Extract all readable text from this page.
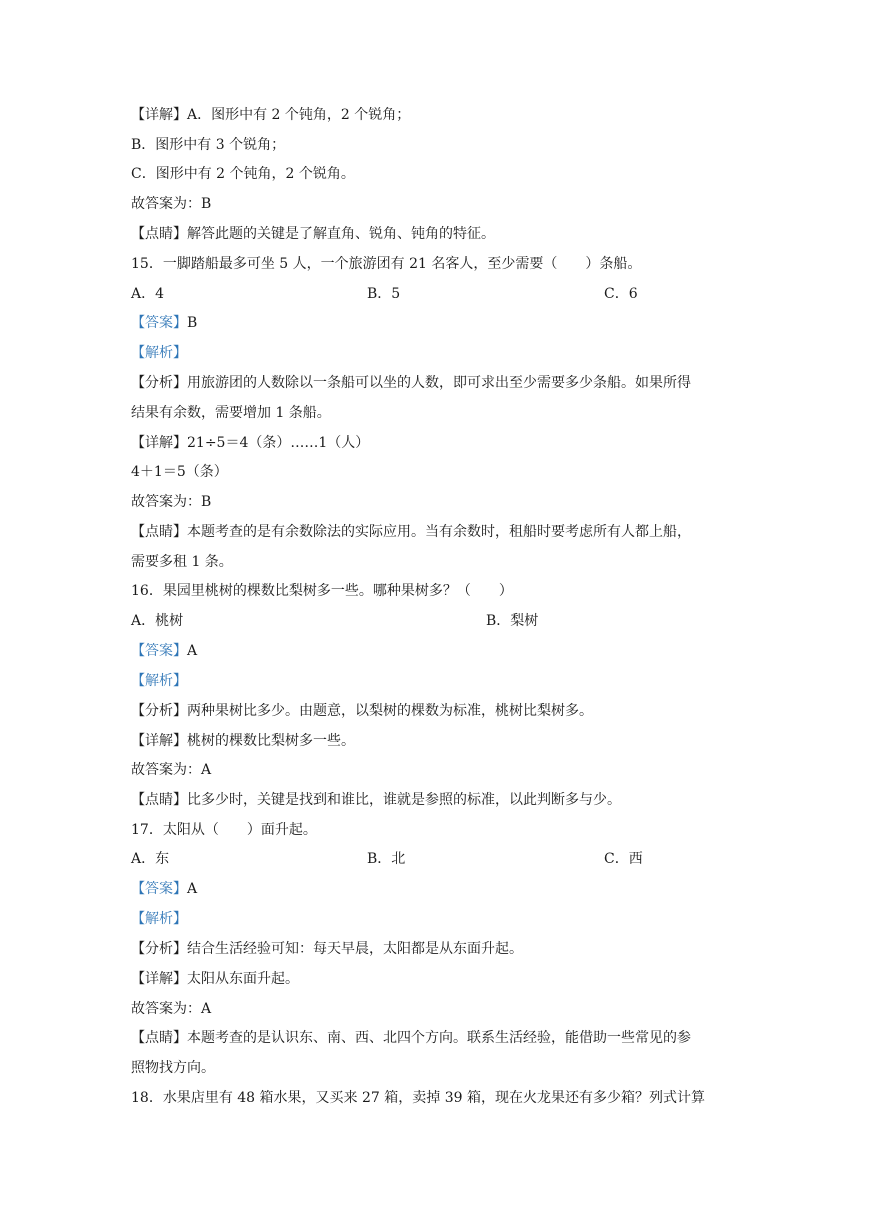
【详解】A．图形中有 2 个钝角，2 个锐角；
B．图形中有 3 个锐角；
C．图形中有 2 个钝角，2 个锐角。
故答案为：B
【点睛】解答此题的关键是了解直角、锐角、钝角的特征。
15．一脚踏船最多可坐 5 人，一个旅游团有 21 名客人，至少需要（　　）条船。
A．4	B．5	C．6
【答案】B
【解析】
【分析】用旅游团的人数除以一条船可以坐的人数，即可求出至少需要多少条船。如果所得
结果有余数，需要增加 1 条船。
【详解】21÷5＝4（条）……1（人）
4＋1＝5（条）
故答案为：B
【点睛】本题考查的是有余数除法的实际应用。当有余数时，租船时要考虑所有人都上船，
需要多租 1 条。
16．果园里桃树的棵数比梨树多一些。哪种果树多？（　　）
A．桃树	B．梨树
【答案】A
【解析】
【分析】两种果树比多少。由题意，以梨树的棵数为标准，桃树比梨树多。
【详解】桃树的棵数比梨树多一些。
故答案为：A
【点睛】比多少时，关键是找到和谁比，谁就是参照的标准，以此判断多与少。
17．太阳从（　　）面升起。
A．东	B．北	C．西
【答案】A
【解析】
【分析】结合生活经验可知：每天早晨，太阳都是从东面升起。
【详解】太阳从东面升起。
故答案为：A
【点睛】本题考查的是认识东、南、西、北四个方向。联系生活经验，能借助一些常见的参
照物找方向。
18．水果店里有 48 箱水果，又买来 27 箱，卖掉 39 箱，现在火龙果还有多少箱？列式计算
